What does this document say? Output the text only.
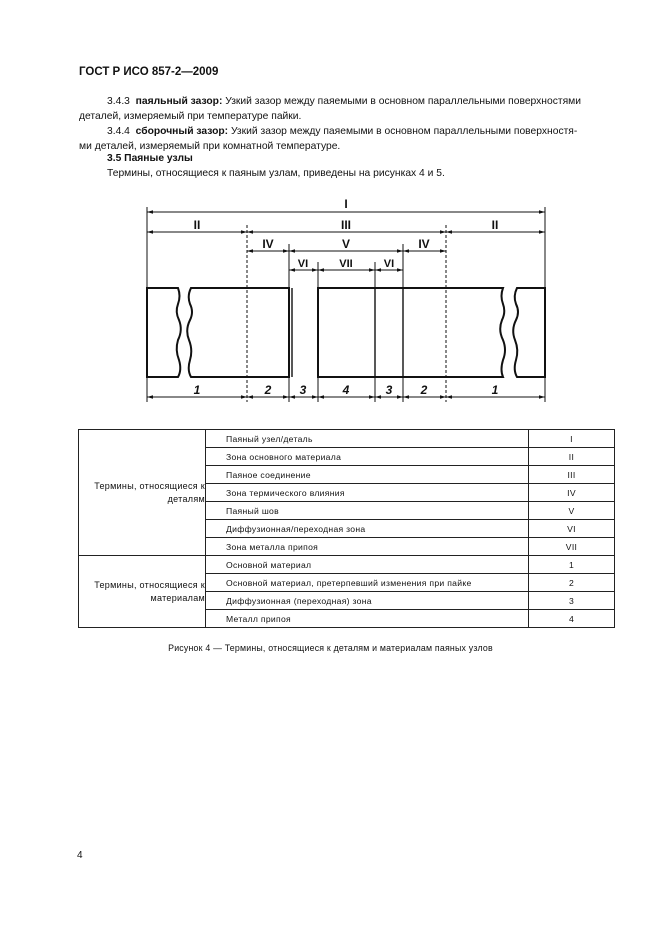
ГОСТ Р ИСО 857-2—2009
3.4.3 паяльный зазор: Узкий зазор между паяемыми в основном параллельными поверхностями
деталей, измеряемый при температуре пайки.
3.4.4 сборочный зазор: Узкий зазор между паяемыми в основном параллельными поверхностя-
ми деталей, измеряемый при комнатной температуре.
3.5 Паяные узлы
Термины, относящиеся к паяным узлам, приведены на рисунках 4 и 5.
I
II	III	II
IV	V	IV
VI	VII	VI
1	2 3	4	3 2	1
Термины, относящиеся к деталям	Паяный узел/деталь	I
	Зона основного материала	II
	Паяное соединение	III
	Зона термического влияния	IV
	Паяный шов	V
	Диффузионная/переходная зона	VI
	Зона металла припоя	VII
Термины, относящиеся к материалам	Основной материал	1
	Основной материал, претерпевший изменения при пайке	2
	Диффузионная (переходная) зона	3
	Металл припоя	4
Рисунок 4 — Термины, относящиеся к деталям и материалам паяных узлов
4
